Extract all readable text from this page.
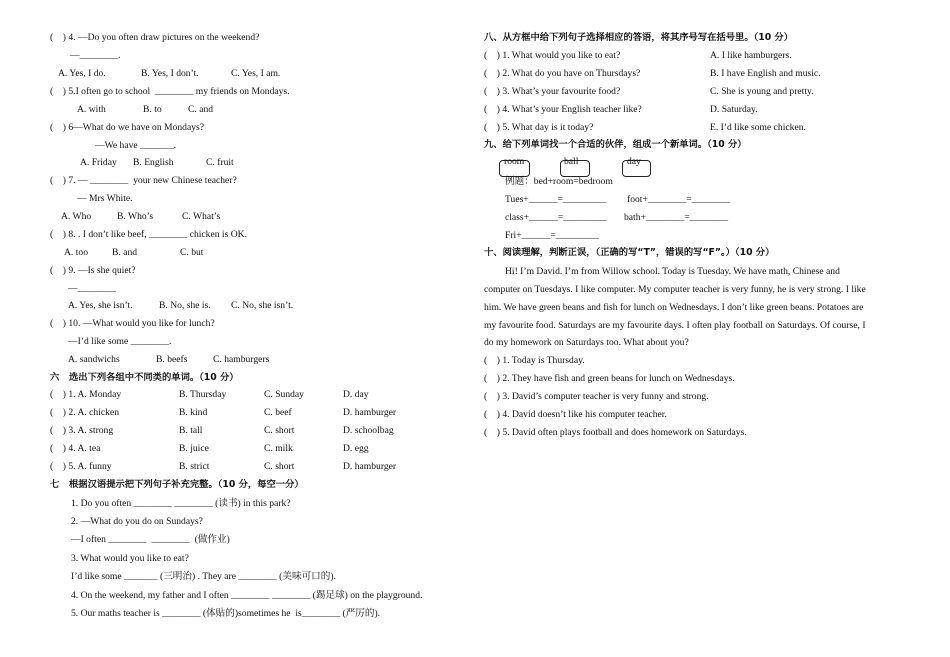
(    ) 4. —Do you often draw pictures on the weekend?
—________.
A. Yes, I do.	B. Yes, I don’t.	C. Yes, I am.
(    ) 5.I often go to school  ________ my friends on Mondays.
A. with	B. to	C. and
(    ) 6—What do we have on Mondays?
—We have _______.
A. Friday B. English	C. fruit
(    ) 7. — ________  your new Chinese teacher?
— Mrs White.
A. Who	B. Who’s	C. What’s
(    ) 8. . I don’t like beef, ________ chicken is OK.
A. too	B. and	C. but
(    ) 9. —Is she quiet?
—________
A. Yes, she isn’t.	B. No, she is. C. No, she isn’t.
(    ) 10. —What would you like for lunch?
—I’d like some ________.
A. sandwichs	B. beefs	C. hamburgers
六   选出下列各组中不同类的单词。（10 分）
(    ) 1. A. Monday	B. Thursday	C. Sunday	D. day
(    ) 2. A. chicken	B. kind	C. beef	D. hamburger
(    ) 3. A. strong	B. tall	C. short	D. schoolbag
(    ) 4. A. tea	B. juice	C. milk	D. egg
(    ) 5. A. funny	B. strict	C. short	D. hamburger
七   根据汉语提示把下列句子补充完整。（10 分，每空一分）
1. Do you often ________ ________ (读书) in this park?
2. —What do you do on Sundays?
—I often ________  ________  (做作业)
3. What would you like to eat?
I’d like some _______ (三明治) . They are ________ (美味可口的).
4. On the weekend, my father and I often ________ ________ (踢足球) on the playground.
5. Our maths teacher is ________ (体贴的)sometimes he  is________ (严厉的).
八、从方框中给下列句子选择相应的答语，将其序号写在括号里。（10 分）
(    ) 1. What would you like to eat?	A. I like hamburgers.
(    ) 2. What do you have on Thursdays?	B. I have English and music.
(    ) 3. What’s your favourite food?	C. She is young and pretty.
(    ) 4. What’s your English teacher like?	D. Saturday.
(    ) 5. What day is it today?	E. I’d like some chicken.
九、给下列单词找一个合适的伙伴，组成一个新单词。（10 分）
room	ball	day
例题：bed+room=bedroom
Tues+______=_________ foot+________=________
class+______=_________ bath+________=________
Fri+______=_________
十、阅读理解，判断正误，（正确的写“T”，错误的写“F”。）（10 分）
Hi! I’m David. I’m from Willow school. Today is Tuesday. We have math, Chinese and
computer on Tuesdays. I like computer. My computer teacher is very funny, he is very strong. I like
him. We have green beans and fish for lunch on Wednesdays. I don’t like green beans. Potatoes are
my favourite food. Saturdays are my favourite days. I often play football on Saturdays. Of course, I
do my homework on Saturdays too. What about you?
(    ) 1. Today is Thursday.
(    ) 2. They have fish and green beans for lunch on Wednesdays.
(    ) 3. David’s computer teacher is very funny and strong.
(    ) 4. David doesn’t like his computer teacher.
(    ) 5. David often plays football and does homework on Saturdays.
